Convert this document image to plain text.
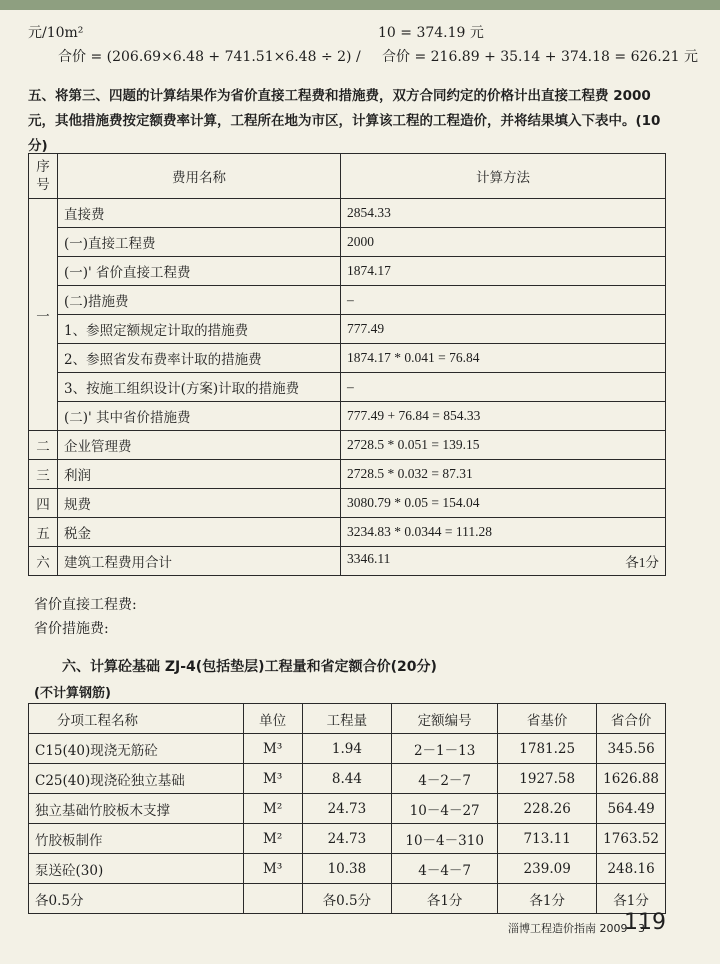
元/10m²
合价 = (206.69×6.48 + 741.51×6.48 ÷ 2) /
10 = 374.19 元
合价 = 216.89 + 35.14 + 374.18 = 626.21 元
五、将第三、四题的计算结果作为省价直接工程费和措施费，双方合同约定的价格计出直接工程费 2000 元，其他措施费按定额费率计算，工程所在地为市区，计算该工程的工程造价，并将结果填入下表中。(10分)
序号	费用名称	计算方法
一	直接费	2854.33
	(一)直接工程费	2000
	(一)' 省价直接工程费	1874.17
	(二)措施费	–
	1、参照定额规定计取的措施费	777.49
	2、参照省发布费率计取的措施费	1874.17 * 0.041 = 76.84
	3、按施工组织设计(方案)计取的措施费	–
	(二)' 其中省价措施费	777.49 + 76.84 = 854.33
二	企业管理费	2728.5 * 0.051 = 139.15
三	利润	2728.5 * 0.032 = 87.31
四	规费	3080.79 * 0.05 = 154.04
五	税金	3234.83 * 0.0344 = 111.28
六	建筑工程费用合计	3346.11 各1分
省价直接工程费:
省价措施费:
六、计算砼基础 ZJ-4(包括垫层)工程量和省定额合价(20分)
(不计算钢筋)
分项工程名称	单位	工程量	定额编号	省基价	省合价
C15(40)现浇无筋砼	M³	1.94	2－1－13	1781.25	345.56
C25(40)现浇砼独立基础	M³	8.44	4－2－7	1927.58	1626.88
独立基础竹胶板木支撑	M²	24.73	10－4－27	228.26	564.49
竹胶板制作	M²	24.73	10－4－310	713.11	1763.52
泵送砼(30)	M³	10.38	4－4－7	239.09	248.16
各0.5分		各0.5分	各1分	各1分	各1分
淄博工程造价指南 2009 · 3
119
